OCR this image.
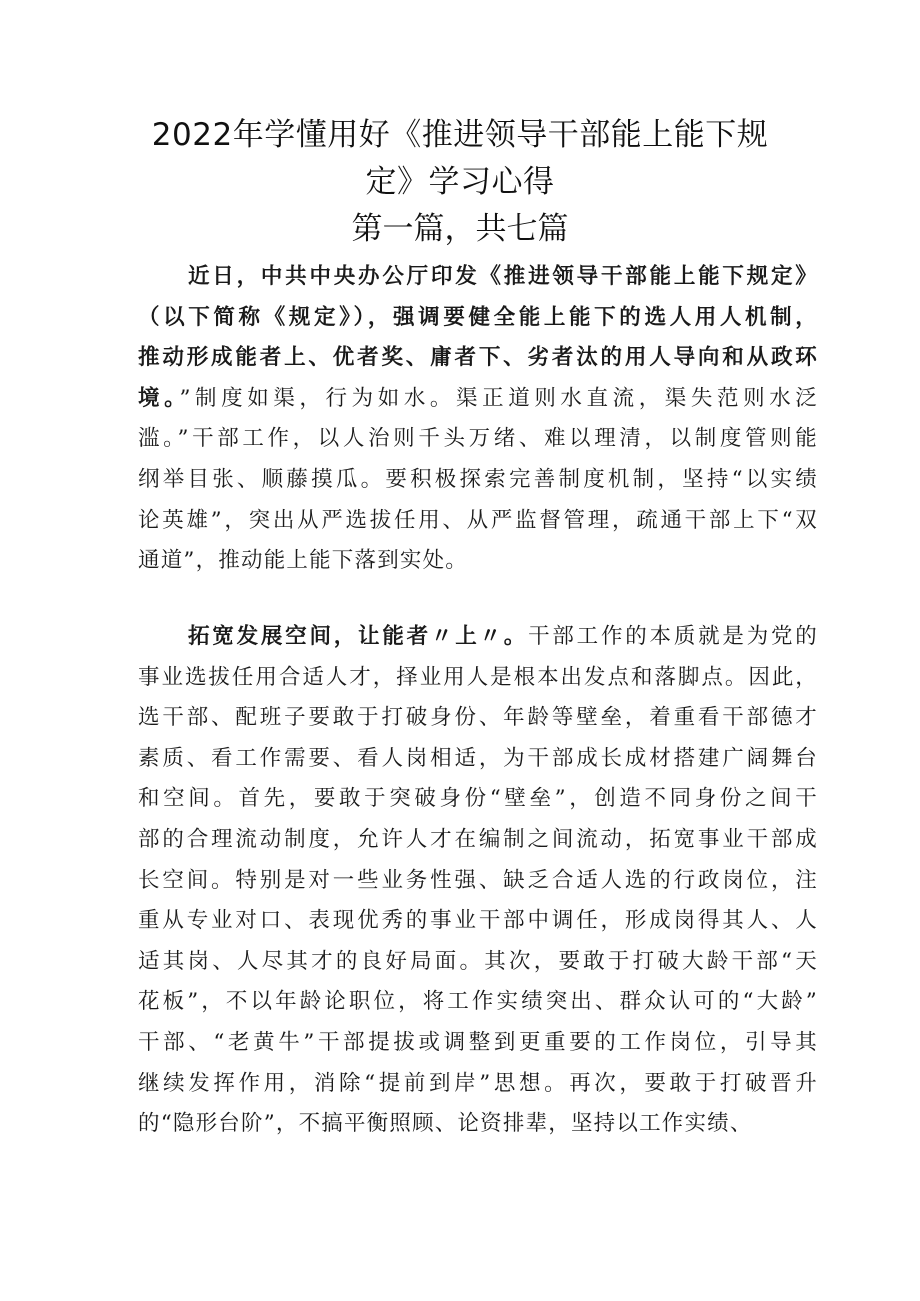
2022年学懂用好《推进领导干部能上能下规
定》学习心得
第一篇，共七篇
近日，中共中央办公厅印发《推进领导干部能上能下规定》
（以下简称《规定》），强调要健全能上能下的选人用人机制，
推动形成能者上、优者奖、庸者下、劣者汰的用人导向和从政环
境。”制度如渠，行为如水。渠正道则水直流，渠失范则水泛
滥。”干部工作，以人治则千头万绪、难以理清，以制度管则能
纲举目张、顺藤摸瓜。要积极探索完善制度机制，坚持“以实绩
论英雄”，突出从严选拔任用、从严监督管理，疏通干部上下“双
通道”，推动能上能下落到实处。
拓宽发展空间，让能者〃上〃。干部工作的本质就是为党的
事业选拔任用合适人才，择业用人是根本出发点和落脚点。因此，
选干部、配班子要敢于打破身份、年龄等壁垒，着重看干部德才
素质、看工作需要、看人岗相适，为干部成长成材搭建广阔舞台
和空间。首先，要敢于突破身份“壁垒”，创造不同身份之间干
部的合理流动制度，允许人才在编制之间流动，拓宽事业干部成
长空间。特别是对一些业务性强、缺乏合适人选的行政岗位，注
重从专业对口、表现优秀的事业干部中调任，形成岗得其人、人
适其岗、人尽其才的良好局面。其次，要敢于打破大龄干部“天
花板”，不以年龄论职位，将工作实绩突出、群众认可的“大龄”
干部、“老黄牛”干部提拔或调整到更重要的工作岗位，引导其
继续发挥作用，消除“提前到岸”思想。再次，要敢于打破晋升
的“隐形台阶”，不搞平衡照顾、论资排辈，坚持以工作实绩、
